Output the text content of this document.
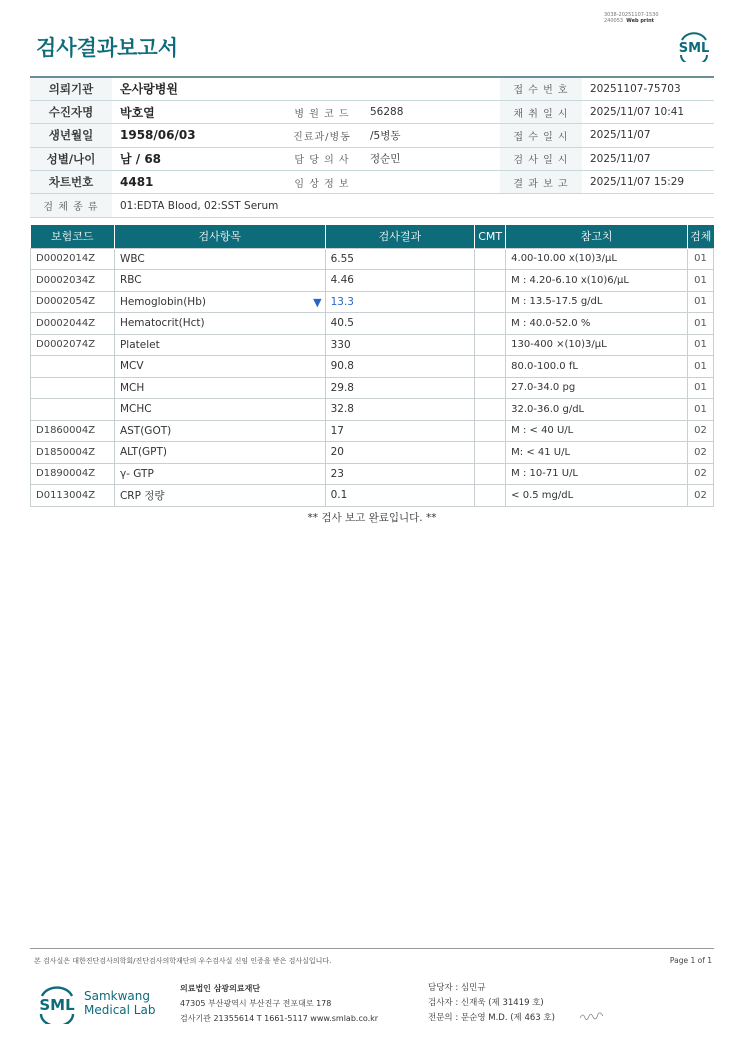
3038-20251107-1530
240053 Web print
검사결과보고서	SML
의뢰기관	온사랑병원			접 수 번 호	20251107-75703
수진자명	박호열	병 원 코 드	56288	채 취 일 시	2025/11/07 10:41
생년월일	1958/06/03	진료과/병동	/5병동	접 수 일 시	2025/11/07
성별/나이	남 / 68	담 당 의 사	정순민	검 사 일 시	2025/11/07
차트번호	4481	임 상 정 보		결 과 보 고	2025/11/07 15:29
검 체 종 류	01:EDTA Blood, 02:SST Serum				
보험코드	검사항목	검사결과	CMT	참고치	검체
D0002014Z	WBC	6.55		4.00-10.00 x(10)3/μL	01
D0002034Z	RBC	4.46		M : 4.20-6.10 x(10)6/μL	01
D0002054Z	Hemoglobin(Hb) ▼	13.3		M : 13.5-17.5 g/dL	01
D0002044Z	Hematocrit(Hct)	40.5		M : 40.0-52.0 %	01
D0002074Z	Platelet	330		130-400 ×(10)3/μL	01
	MCV	90.8		80.0-100.0 fL	01
	MCH	29.8		27.0-34.0 pg	01
	MCHC	32.8		32.0-36.0 g/dL	01
D1860004Z	AST(GOT)	17		M : < 40 U/L	02
D1850004Z	ALT(GPT)	20		M: < 41 U/L	02
D1890004Z	γ- GTP	23		M : 10-71 U/L	02
D0113004Z	CRP 정량	0.1		< 0.5 mg/dL	02
** 검사 보고 완료입니다. **
본 검사실은 대한진단검사의학회/진단검사의학재단의 우수검사실 신임 인증을 받은 검사실입니다.	Page 1 of 1
SML Samkwang
Medical Lab
의료법인 삼광의료재단
47305 부산광역시 부산진구 전포대로 178
검사기관 21355614 T 1661-5117 www.smlab.co.kr
담당자 : 심민규
검사자 : 신재욱 (제 31419 호)
전문의 : 문순영 M.D. (제 463 호)
